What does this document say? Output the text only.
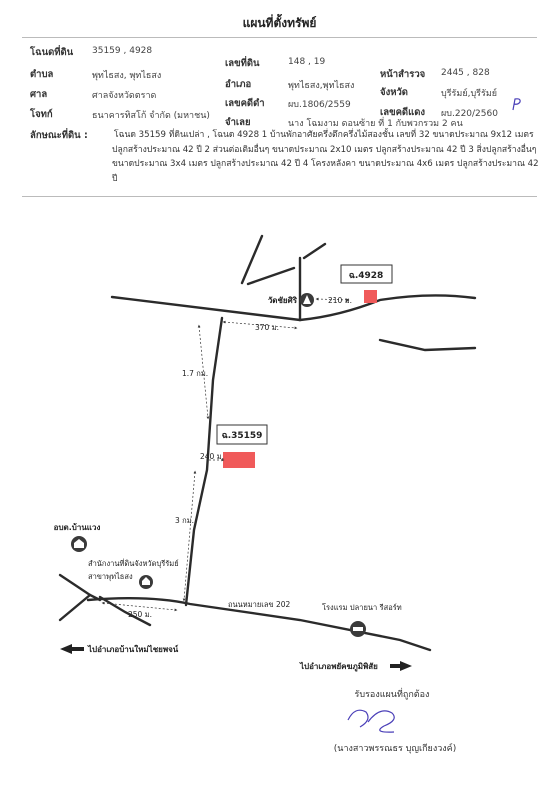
แผนที่ตั้งทรัพย์
โฉนดที่ดิน 35159 , 4928
เลขที่ดิน	148 , 19
หน้าสำรวจ 2445 , 828
ตำบล	พุทไธสง, พุทไธสง
อำเภอ	พุทไธสง,พุทไธสง
จังหวัด	บุรีรัมย์,บุรีรัมย์
ศาล	ศาลจังหวัดตราด
เลขคดีดำ	ผบ.1806/2559
เลขคดีแดง ผบ.220/2560
โจทก์	ธนาคารทิสโก้ จำกัด (มหาชน)
จำเลย	นาง โฉมงาม ดอนซ้าย ที่ 1 กับพวกรวม 2 คน
ลักษณะที่ดิน :	โฉนด 35159 ที่ดินเปล่า , โฉนด 4928 1 บ้านพักอาศัยครึ่งตึกครึ่งไม้สองชั้น เลขที่ 32 ขนาดประมาณ 9x12 เมตร ปลูกสร้างประมาณ 42 ปี 2 ส่วนต่อเติมอื่นๆ ขนาดประมาณ 2x10 เมตร ปลูกสร้างประมาณ 42 ปี 3 สิ่งปลูกสร้างอื่นๆ ขนาดประมาณ 3x4 เมตร ปลูกสร้างประมาณ 42 ปี 4 โครงหลังคา ขนาดประมาณ 4x6 เมตร ปลูกสร้างประมาณ 42 ปี
ฉ.4928
วัดชัยศิริ	210 ม.
370 ม.
1.7 กม.
ฉ.35159
240 ม.
3 กม.
250 ม.
อบต.บ้านแวง
สำนักงานที่ดินจังหวัดบุรีรัมย์
สาขาพุทไธสง
ถนนหมายเลข 202	โรงแรม ปลายนา รีสอร์ท
ไปอำเภอบ้านใหม่ไชยพจน์
ไปอำเภอพยัคฆภูมิพิสัย
รับรองแผนที่ถูกต้อง
(นางสาวพรรณธร บุญเกียงวงค์)
